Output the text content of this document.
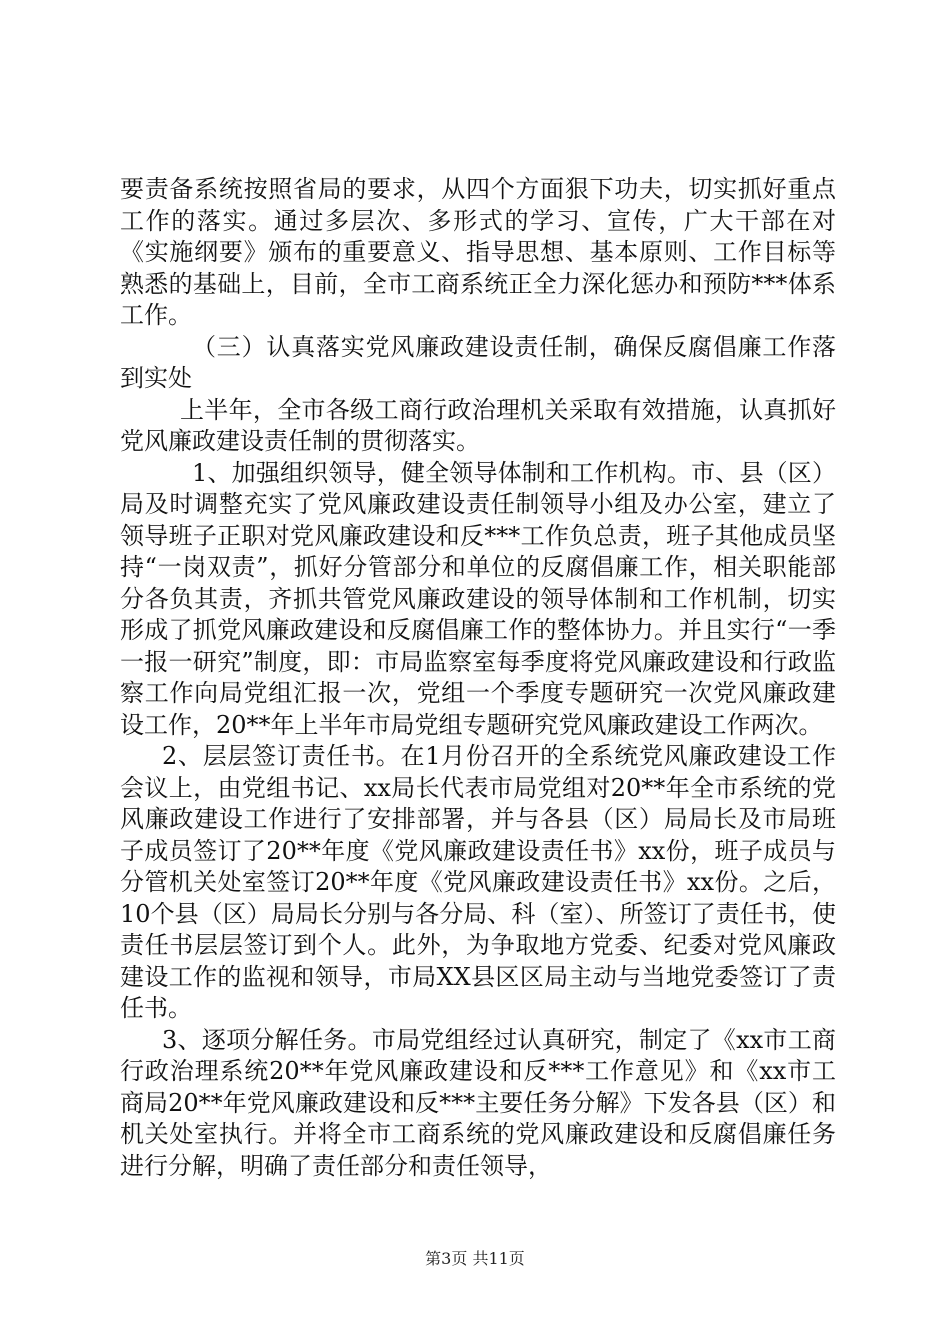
要责备系统按照省局的要求，从四个方面狠下功夫，切实抓好重点工作的落实。通过多层次、多形式的学习、宣传，广大干部在对《实施纲要》颁布的重要意义、指导思想、基本原则、工作目标等熟悉的基础上，目前，全市工商系统正全力深化惩办和预防***体系工作。

（三）认真落实党风廉政建设责任制，确保反腐倡廉工作落到实处

上半年，全市各级工商行政治理机关采取有效措施，认真抓好党风廉政建设责任制的贯彻落实。

1、加强组织领导，健全领导体制和工作机构。市、县（区）局及时调整充实了党风廉政建设责任制领导小组及办公室，建立了领导班子正职对党风廉政建设和反***工作负总责，班子其他成员坚持“一岗双责”，抓好分管部分和单位的反腐倡廉工作，相关职能部分各负其责，齐抓共管党风廉政建设的领导体制和工作机制，切实形成了抓党风廉政建设和反腐倡廉工作的整体协力。并且实行“一季一报一研究”制度，即：市局监察室每季度将党风廉政建设和行政监察工作向局党组汇报一次，党组一个季度专题研究一次党风廉政建设工作，20**年上半年市局党组专题研究党风廉政建设工作两次。

2、层层签订责任书。在1月份召开的全系统党风廉政建设工作会议上，由党组书记、xx局长代表市局党组对20**年全市系统的党风廉政建设工作进行了安排部署，并与各县（区）局局长及市局班子成员签订了20**年度《党风廉政建设责任书》xx份，班子成员与分管机关处室签订20**年度《党风廉政建设责任书》xx份。之后，10个县（区）局局长分别与各分局、科（室）、所签订了责任书，使责任书层层签订到个人。此外，为争取地方党委、纪委对党风廉政建设工作的监视和领导，市局XX县区区局主动与当地党委签订了责任书。

3、逐项分解任务。市局党组经过认真研究，制定了《xx市工商行政治理系统20**年党风廉政建设和反***工作意见》和《xx市工商局20**年党风廉政建设和反***主要任务分解》下发各县（区）和机关处室执行。并将全市工商系统的党风廉政建设和反腐倡廉任务进行分解，明确了责任部分和责任领导，

第3页 共11页
